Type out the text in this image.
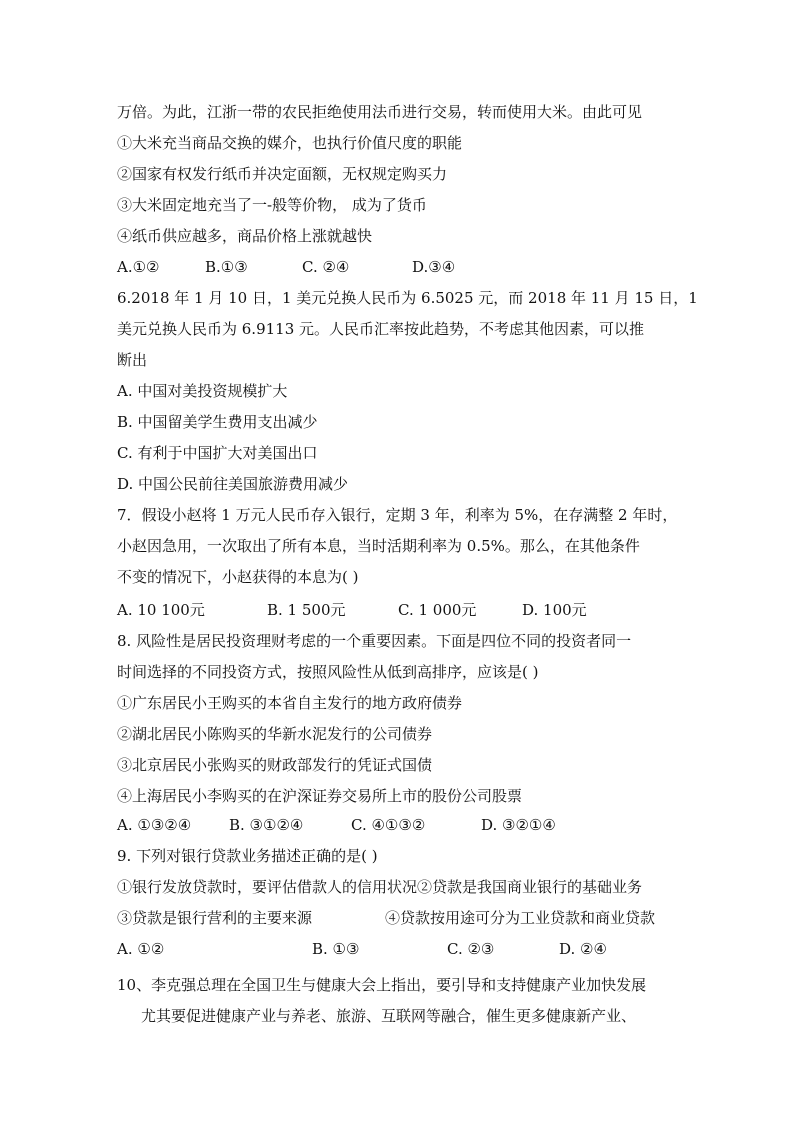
万倍。为此，江浙一带的农民拒绝使用法币进行交易，转而使用大米。由此可见
①大米充当商品交换的媒介，也执行价值尺度的职能
②国家有权发行纸币并决定面额，无权规定购买力
③大米固定地充当了一-般等价物， 成为了货币
④纸币供应越多，商品价格上涨就越快
A.①②	B.①③	C. ②④	D.③④
6.2018 年 1 月 10 日，1 美元兑换人民币为 6.5025 元，而 2018 年 11 月 15 日，1
美元兑换人民币为 6.9113 元。人民币汇率按此趋势，不考虑其他因素，可以推
断出
A. 中国对美投资规模扩大
B. 中国留美学生费用支出减少
C. 有利于中国扩大对美国出口
D. 中国公民前往美国旅游费用减少
7．假设小赵将 1 万元人民币存入银行，定期 3 年，利率为 5%，在存满整 2 年时，
小赵因急用，一次取出了所有本息，当时活期利率为 0.5%。那么，在其他条件
不变的情况下，小赵获得的本息为( )
A. 10 100元	B. 1 500元	C. 1 000元	D. 100元
8. 风险性是居民投资理财考虑的一个重要因素。下面是四位不同的投资者同一
时间选择的不同投资方式，按照风险性从低到高排序，应该是( )
①广东居民小王购买的本省自主发行的地方政府债券
②湖北居民小陈购买的华新水泥发行的公司债券
③北京居民小张购买的财政部发行的凭证式国债
④上海居民小李购买的在沪深证券交易所上市的股份公司股票
A. ①③②④	B. ③①②④	C. ④①③②	D. ③②①④
9. 下列对银行贷款业务描述正确的是( )
①银行发放贷款时，要评估借款人的信用状况②贷款是我国商业银行的基础业务
③贷款是银行营利的主要来源	④贷款按用途可分为工业贷款和商业贷款
A. ①②	B. ①③	C. ②③	D. ②④
10、李克强总理在全国卫生与健康大会上指出，要引导和支持健康产业加快发展
尤其要促进健康产业与养老、旅游、互联网等融合，催生更多健康新产业、
